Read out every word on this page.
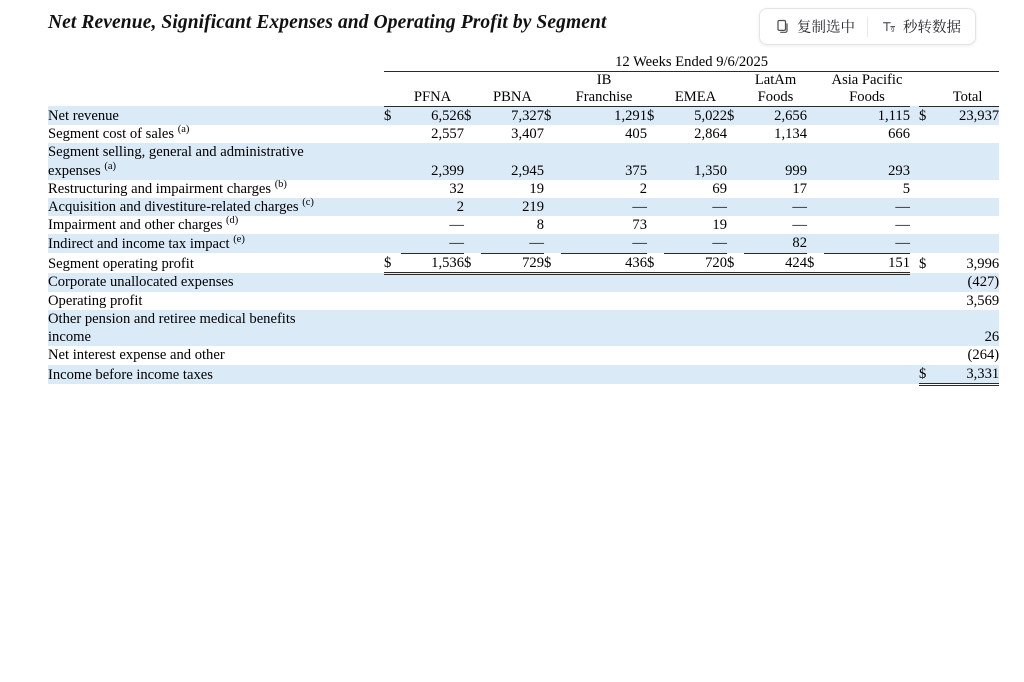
Net Revenue, Significant Expenses and Operating Profit by Segment	复制选中	9 秒转数据
	12 Weeks Ended 9/6/2025														
						IB				LatAm		Asia Pacific			
		PFNA		PBNA		Franchise		EMEA		Foods		Foods			Total
Net revenue	$	6,526	$	7,327	$	1,291	$	5,022	$	2,656		1,115		$	23,937
Segment cost of sales $^{(a)}$		2,557		3,407		405		2,864		1,134		666			
Segment selling, general and administrative															
expenses $^{(a)}$		2,399		2,945		375		1,350		999		293			
Restructuring and impairment charges $^{(b)}$		32		19		2		69		17		5			
Acquisition and divestiture-related charges $^{(c)}$		2		219		—		—		—		—			
Impairment and other charges $^{(d)}$		—		8		73		19		—		—			
Indirect and income tax impact $^{(e)}$		—		—		—		—		82		—			
Segment operating profit	$	1,536	$	729	$	436	$	720	$	424	$	151		$	3,996
Corporate unallocated expenses															(427)
Operating profit															3,569
Other pension and retiree medical benefits															
income															26
Net interest expense and other															(264)
Income before income taxes														$	3,331
